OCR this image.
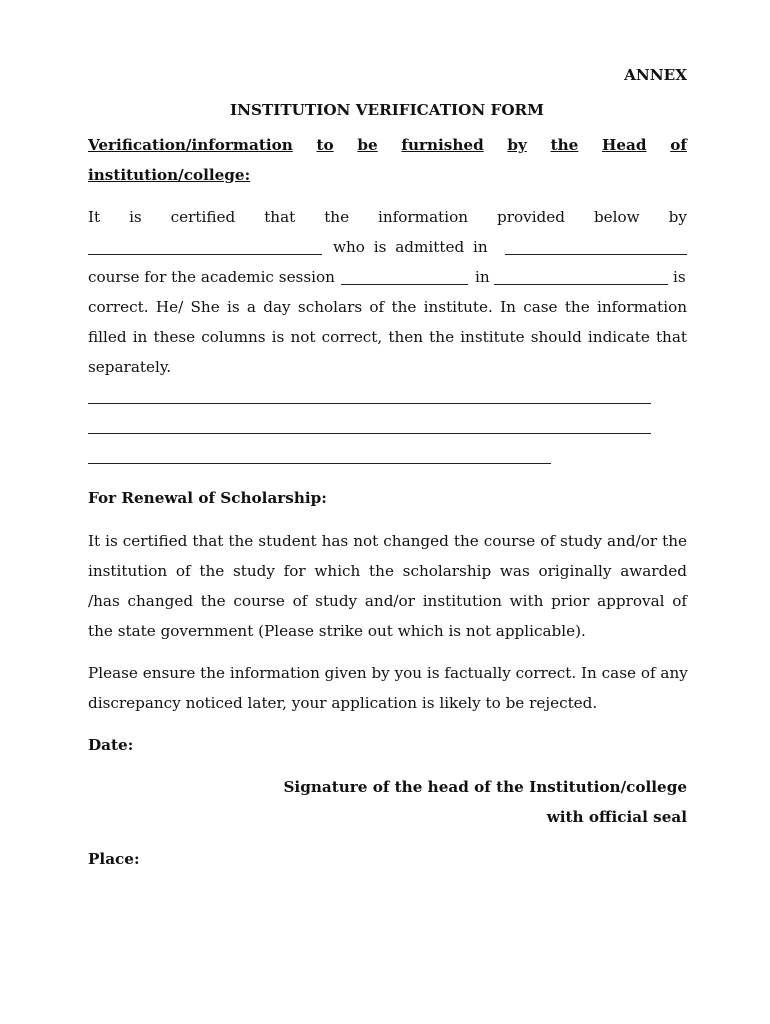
ANNEX
INSTITUTION VERIFICATION FORM
Verification/information to be furnished by the Head of
institution/college:
It is certified that the information provided below by
who is admitted in
course for the academic session	in	is
correct. He/ She is a day scholars of the institute. In case the information
filled in these columns is not correct, then the institute should indicate that
separately.
For Renewal of Scholarship:
It is certified that the student has not changed the course of study and/or the
institution of the study for which the scholarship was originally awarded
/has changed the course of study and/or institution with prior approval of
the state government (Please strike out which is not applicable).
Please ensure the information given by you is factually correct. In case of any
discrepancy noticed later, your application is likely to be rejected.
Date:
Signature of the head of the Institution/college
with official seal
Place:
